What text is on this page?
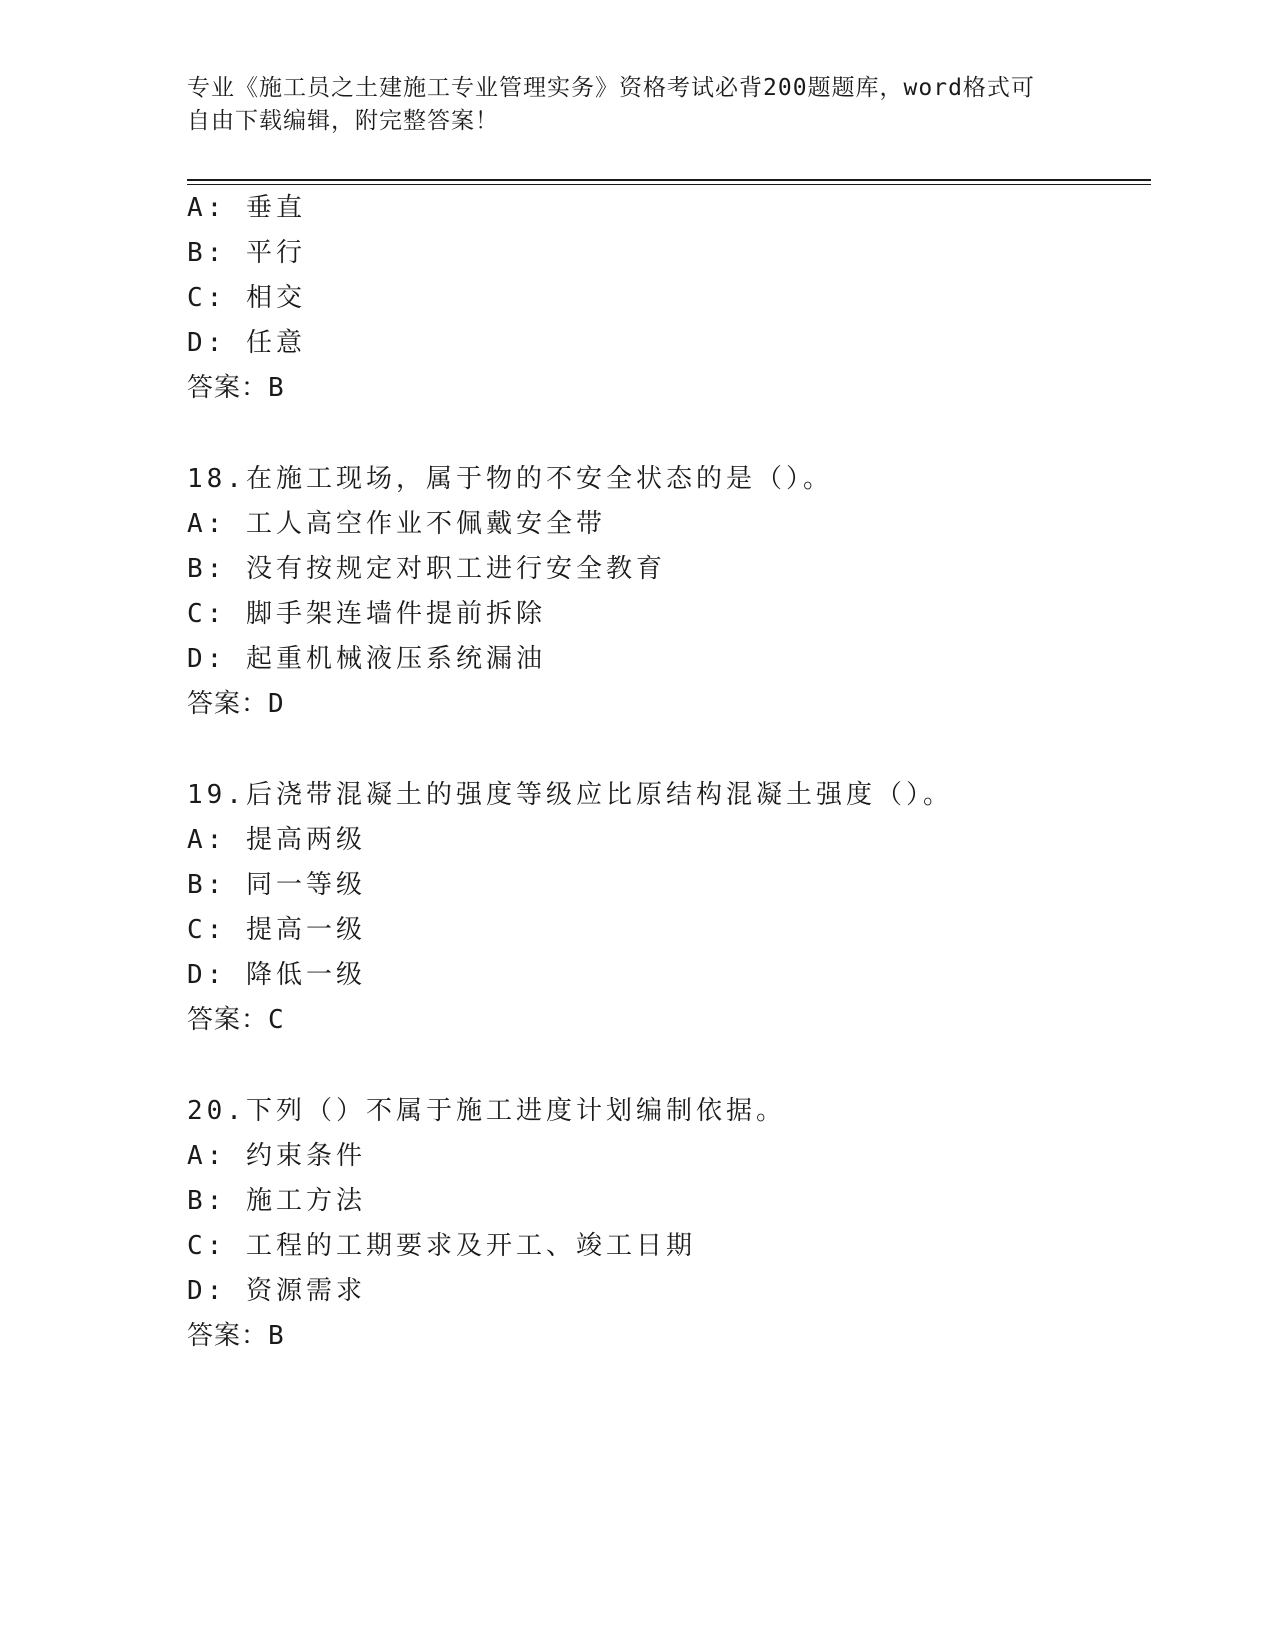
专业《施工员之土建施工专业管理实务》资格考试必背200题题库，word格式可
自由下载编辑，附完整答案！
A: 垂直
B: 平行
C: 相交
D: 任意
答案：B
18.在施工现场，属于物的不安全状态的是（）。
A: 工人高空作业不佩戴安全带
B: 没有按规定对职工进行安全教育
C: 脚手架连墙件提前拆除
D: 起重机械液压系统漏油
答案：D
19.后浇带混凝土的强度等级应比原结构混凝土强度（）。
A: 提高两级
B: 同一等级
C: 提高一级
D: 降低一级
答案：C
20.下列（）不属于施工进度计划编制依据。
A: 约束条件
B: 施工方法
C: 工程的工期要求及开工、竣工日期
D: 资源需求
答案：B
